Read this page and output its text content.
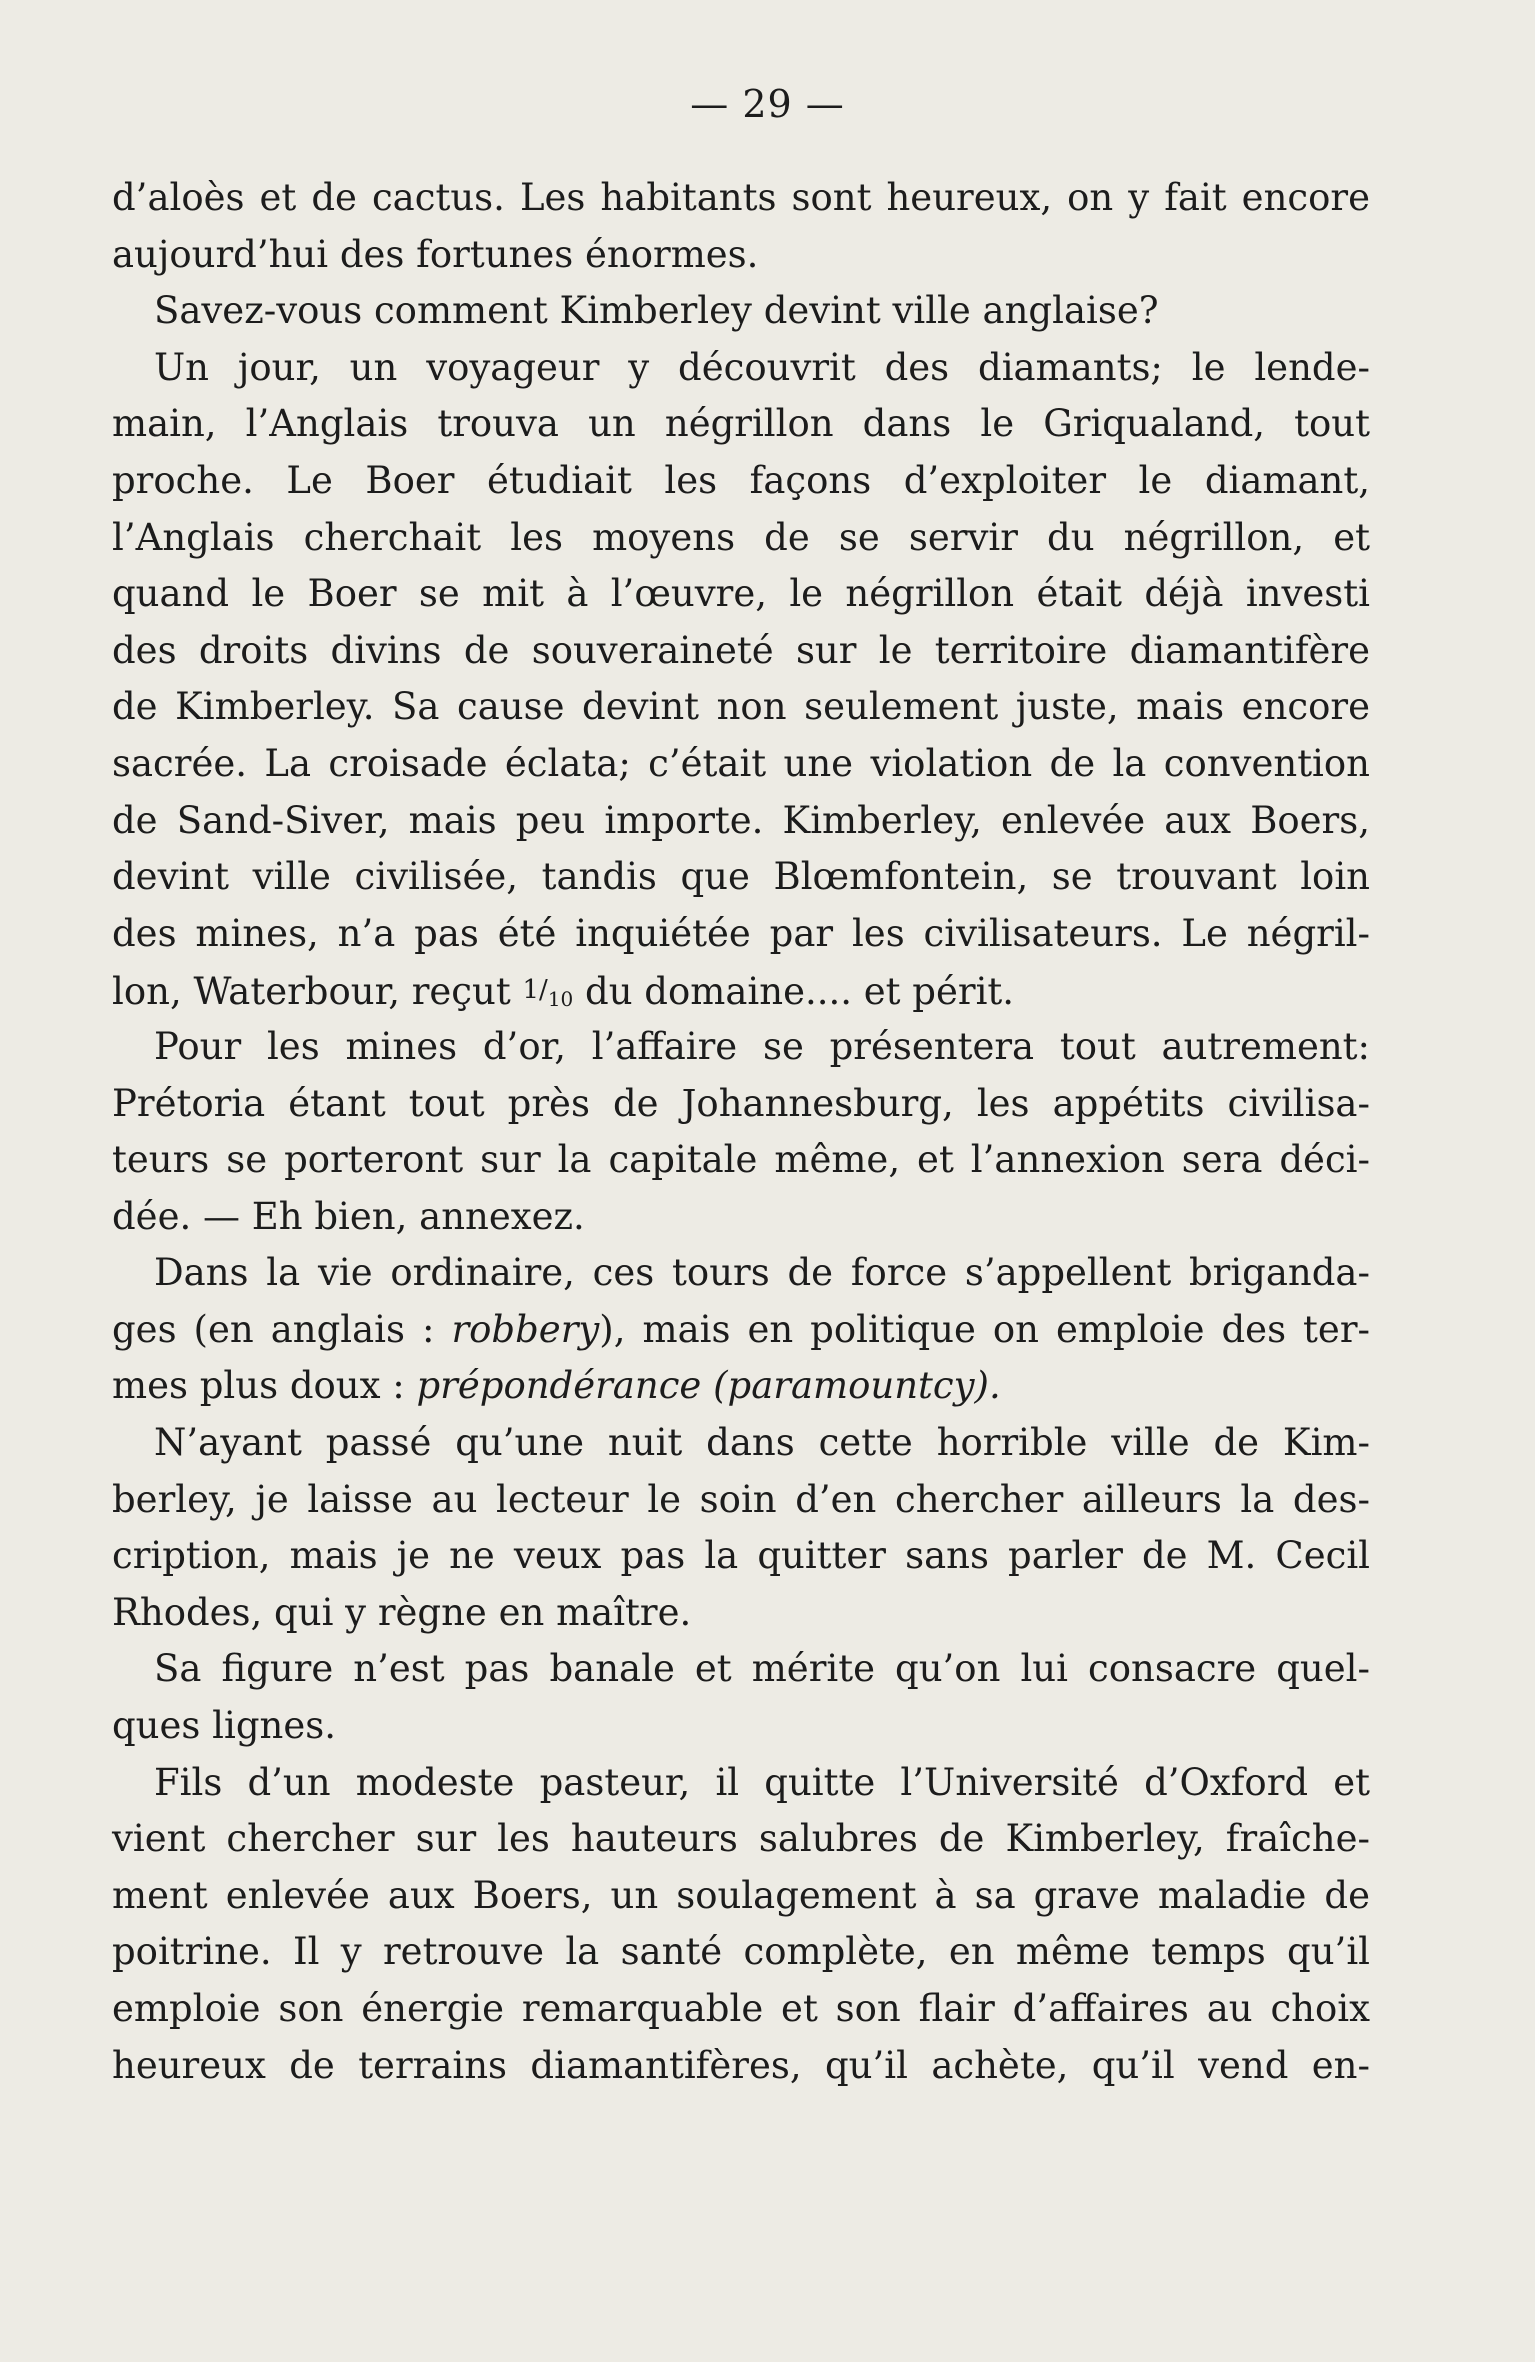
— 29 —
d’aloès et de cactus. Les habitants sont heureux, on y fait encore
aujourd’hui des fortunes énormes.
Savez-vous comment Kimberley devint ville anglaise?
Un jour, un voyageur y découvrit des diamants; le lende-
main, l’Anglais trouva un négrillon dans le Griqualand, tout
proche. Le Boer étudiait les façons d’exploiter le diamant,
l’Anglais cherchait les moyens de se servir du négrillon, et
quand le Boer se mit à l’œuvre, le négrillon était déjà investi
des droits divins de souveraineté sur le territoire diamantifère
de Kimberley. Sa cause devint non seulement juste, mais encore
sacrée. La croisade éclata; c’était une violation de la convention
de Sand-Siver, mais peu importe. Kimberley, enlevée aux Boers,
devint ville civilisée, tandis que Blœmfontein, se trouvant loin
des mines, n’a pas été inquiétée par les civilisateurs. Le négril-
lon, Waterbour, reçut $1/_{10}$ du domaine.... et périt.
Pour les mines d’or, l’affaire se présentera tout autrement:
Prétoria étant tout près de Johannesburg, les appétits civilisa-
teurs se porteront sur la capitale même, et l’annexion sera déci-
dée. — Eh bien, annexez.
Dans la vie ordinaire, ces tours de force s’appellent briganda-
ges (en anglais : robbery), mais en politique on emploie des ter-
mes plus doux : prépondérance (paramountcy).
N’ayant passé qu’une nuit dans cette horrible ville de Kim-
berley, je laisse au lecteur le soin d’en chercher ailleurs la des-
cription, mais je ne veux pas la quitter sans parler de M. Cecil
Rhodes, qui y règne en maître.
Sa figure n’est pas banale et mérite qu’on lui consacre quel-
ques lignes.
Fils d’un modeste pasteur, il quitte l’Université d’Oxford et
vient chercher sur les hauteurs salubres de Kimberley, fraîche-
ment enlevée aux Boers, un soulagement à sa grave maladie de
poitrine. Il y retrouve la santé complète, en même temps qu’il
emploie son énergie remarquable et son flair d’affaires au choix
heureux de terrains diamantifères, qu’il achète, qu’il vend en-
